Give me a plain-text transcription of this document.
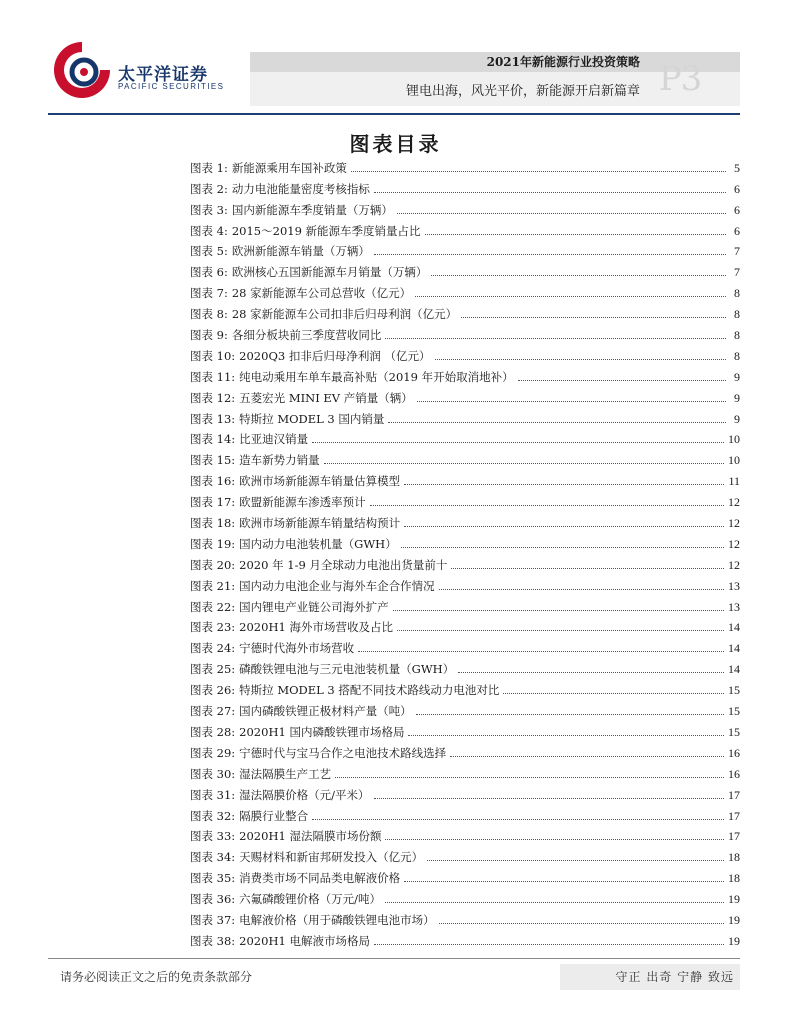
太平洋证券
PACIFIC SECURITIES
2021年新能源行业投资策略
锂电出海，风光平价，新能源开启新篇章 P3
图表目录
图表 1: 新能源乘用车国补政策	5
图表 2: 动力电池能量密度考核指标	6
图表 3: 国内新能源车季度销量（万辆）	6
图表 4: 2015～2019 新能源车季度销量占比	6
图表 5: 欧洲新能源车销量（万辆）	7
图表 6: 欧洲核心五国新能源车月销量（万辆）	7
图表 7: 28 家新能源车公司总营收（亿元）	8
图表 8: 28 家新能源车公司扣非后归母利润（亿元）	8
图表 9: 各细分板块前三季度营收同比	8
图表 10: 2020Q3 扣非后归母净利润 （亿元）	8
图表 11: 纯电动乘用车单车最高补贴（2019 年开始取消地补）	9
图表 12: 五菱宏光 MINI EV 产销量（辆）	9
图表 13: 特斯拉 MODEL 3 国内销量	9
图表 14: 比亚迪汉销量	10
图表 15: 造车新势力销量	10
图表 16: 欧洲市场新能源车销量估算模型	11
图表 17: 欧盟新能源车渗透率预计	12
图表 18: 欧洲市场新能源车销量结构预计	12
图表 19: 国内动力电池装机量（GWH）	12
图表 20: 2020 年 1-9 月全球动力电池出货量前十	12
图表 21: 国内动力电池企业与海外车企合作情况	13
图表 22: 国内锂电产业链公司海外扩产	13
图表 23: 2020H1 海外市场营收及占比	14
图表 24: 宁德时代海外市场营收	14
图表 25: 磷酸铁锂电池与三元电池装机量（GWH）	14
图表 26: 特斯拉 MODEL 3 搭配不同技术路线动力电池对比	15
图表 27: 国内磷酸铁锂正极材料产量（吨）	15
图表 28: 2020H1 国内磷酸铁锂市场格局	15
图表 29: 宁德时代与宝马合作之电池技术路线选择	16
图表 30: 湿法隔膜生产工艺	16
图表 31: 湿法隔膜价格（元/平米）	17
图表 32: 隔膜行业整合	17
图表 33: 2020H1 湿法隔膜市场份额	17
图表 34: 天赐材料和新宙邦研发投入（亿元）	18
图表 35: 消费类市场不同品类电解液价格	18
图表 36: 六氟磷酸锂价格（万元/吨）	19
图表 37: 电解液价格（用于磷酸铁锂电池市场）	19
图表 38: 2020H1 电解液市场格局	19
请务必阅读正文之后的免责条款部分	守正 出奇 宁静 致远
